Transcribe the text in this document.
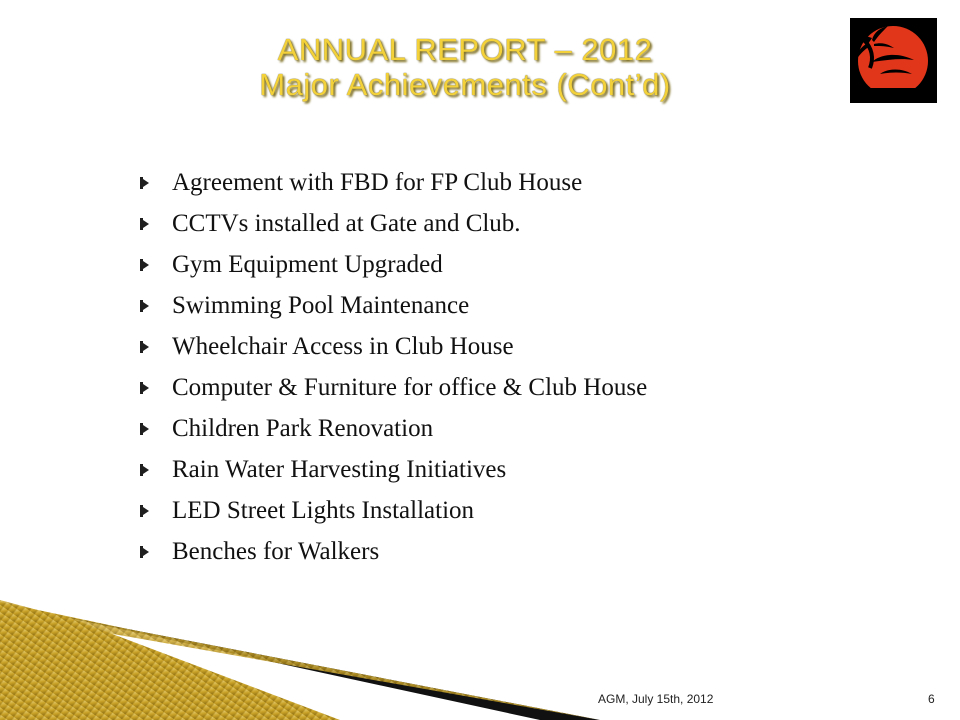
ANNUAL REPORT – 2012
Major Achievements (Cont’d)
Agreement with FBD for FP Club House
CCTVs installed at Gate and Club.
Gym Equipment Upgraded
Swimming Pool Maintenance
Wheelchair Access in Club House
Computer & Furniture for office & Club House
Children Park Renovation
Rain Water Harvesting Initiatives
LED Street Lights Installation
Benches for Walkers
AGM, July 15th, 2012	6
